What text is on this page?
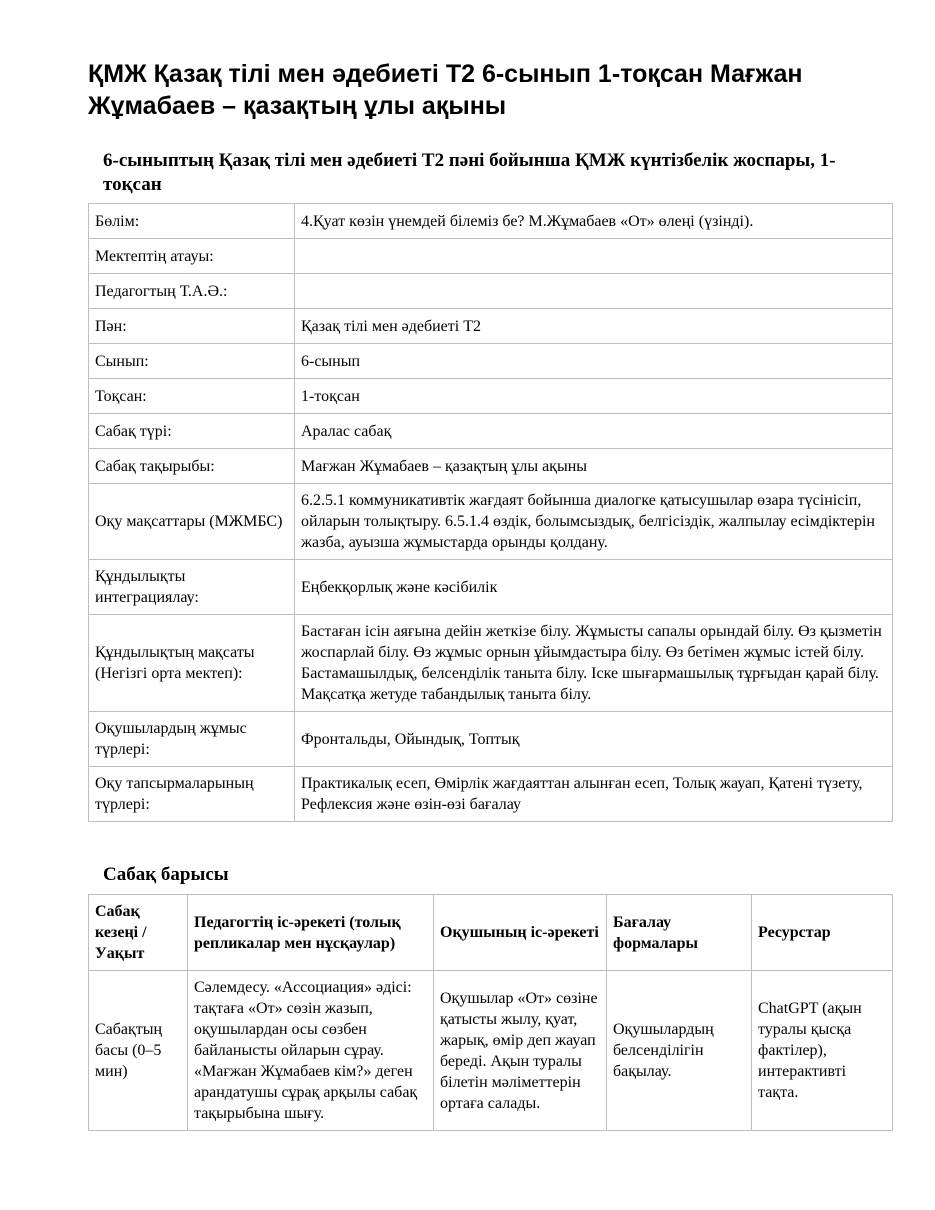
ҚМЖ Қазақ тілі мен әдебиеті Т2 6-сынып 1-тоқсан Мағжан Жұмабаев – қазақтың ұлы ақыны
6-сыныптың Қазақ тілі мен әдебиеті Т2 пәні бойынша ҚМЖ күнтізбелік жоспары, 1-тоқсан
Бөлім:	4.Қуат көзін үнемдей білеміз бе? М.Жұмабаев «От» өлеңі (үзінді).
Мектептің атауы:	
Педагогтың Т.А.Ә.:	
Пән:	Қазақ тілі мен әдебиеті Т2
Сынып:	6-сынып
Тоқсан:	1-тоқсан
Сабақ түрі:	Аралас сабақ
Сабақ тақырыбы:	Мағжан Жұмабаев – қазақтың ұлы ақыны
Оқу мақсаттары (МЖМБС)	6.2.5.1 коммуникативтік жағдаят бойынша диалогке қатысушылар өзара түсінісіп, ойларын толықтыру. 6.5.1.4 өздік, болымсыздық, белгісіздік, жалпылау есімдіктерін жазба, ауызша жұмыстарда орынды қолдану.
Құндылықты интеграциялау:	Еңбекқорлық және кәсібилік
Құндылықтың мақсаты (Негізгі орта мектеп):	Бастаған ісін аяғына дейін жеткізе білу. Жұмысты сапалы орындай білу. Өз қызметін жоспарлай білу. Өз жұмыс орнын ұйымдастыра білу. Өз бетімен жұмыс істей білу. Бастамашылдық, белсенділік таныта білу. Іске шығармашылық тұрғыдан қарай білу. Мақсатқа жетуде табандылық таныта білу.
Оқушылардың жұмыс түрлері:	Фронтальды, Ойындық, Топтық
Оқу тапсырмаларының түрлері:	Практикалық есеп, Өмірлік жағдаяттан алынған есеп, Толық жауап, Қатені түзету, Рефлексия және өзін-өзі бағалау
Сабақ барысы
Сабақ кезеңі / Уақыт	Педагогтің іс-әрекеті (толық репликалар мен нұсқаулар)	Оқушының іс-әрекеті	Бағалау формалары	Ресурстар
Сабақтың басы (0–5 мин)	Сәлемдесу. «Ассоциация» әдісі: тақтаға «От» сөзін жазып, оқушылардан осы сөзбен байланысты ойларын сұрау. «Мағжан Жұмабаев кім?» деген арандатушы сұрақ арқылы сабақ тақырыбына шығу.	Оқушылар «От» сөзіне қатысты жылу, қуат, жарық, өмір деп жауап береді. Ақын туралы білетін мәліметтерін ортаға салады.	Оқушылардың белсенділігін бақылау.	ChatGPT (ақын туралы қысқа фактілер), интерактивті тақта.
